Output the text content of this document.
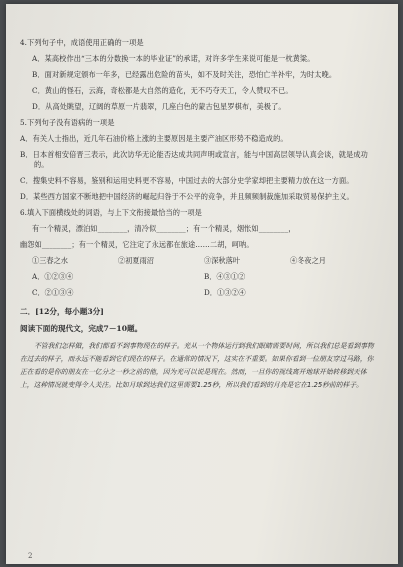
4.下列句子中，成语使用正确的一项是
A．某高校作出“三本的分数换一本的毕业证”的承诺，对许多学生来说可能是一枕黄粱。
B．面对新规定颁布一年多，已经露出危险的苗头，如不及时关注，恐怕亡羊补牢，为时太晚。
C．黄山的怪石，云海，奇松都是大自然的造化，无不巧夺天工，令人赞叹不已。
D．从高处眺望，辽阔的草原一片翡翠，几座白色的蒙古包星罗棋布，美极了。
5.下列句子没有语病的一项是
A．有关人士指出，近几年石油价格上涨的主要原因是主要产油区形势不稳造成的。
B．日本首相安倍晋三表示，此次访华无论能否达成共同声明或宣言，能与中国高层领导认真会谈，就是成功的。
C．搜集史料不容易，鉴别和运用史料更不容易，中国过去的大部分史学家却把主要精力放在这一方面。
D．某些西方国家不断地把中国经济的崛起归咎于不公平的竞争，并且频频制裁施加采取贸易保护主义。
6.填入下面横线处的词语，与上下文衔接最恰当的一项是
有一个精灵，漂泊如________，清冷似________；有一个精灵，烟怅如________，
幽怨如________；有一个精灵，它注定了永远都在旅途……二胡，呵呐。
①三春之水	②初夏雨沼	③深秋落叶	④冬夜之月
A．①②③④	B．④③①②
C．②①③④	D．①③②④
二．[12分，每小题3分]
阅读下面的现代文，完成7－10题。
不管我们怎样做，我们都看不到事物现在的样子。光从一个物体运行到我们眼睛需要时间，所以我们总是看到事物在过去的样子，而永远不能看到它们现在的样子。在通常的情况下，这实在不重要。如果你看到一位朋友穿过马路，你正在看的是你的朋友在一亿分之一秒之前的他，因为光可以说是现在。然而，一旦你的视线离开地球开始转移到天体上，这种情况就变得令人关注。比如月球到达我们这里需要1.25秒，所以我们看到的月亮是它在1.25秒前的样子。
2
